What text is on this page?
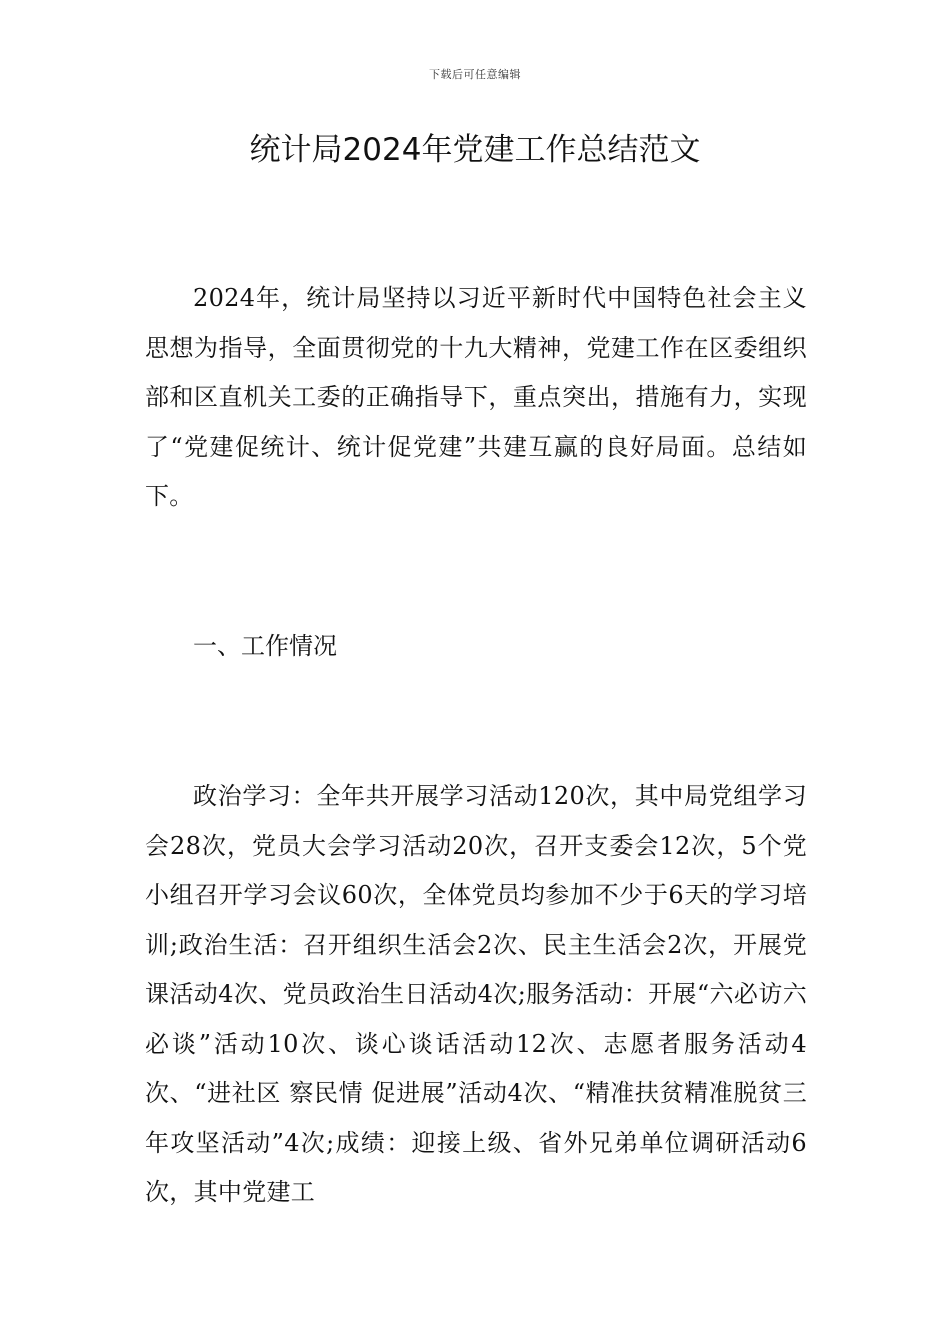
下载后可任意编辑
统计局2024年党建工作总结范文

2024年，统计局坚持以习近平新时代中国特色社会主义思想为指导，全面贯彻党的十九大精神，党建工作在区委组织部和区直机关工委的正确指导下，重点突出，措施有力，实现了“党建促统计、统计促党建”共建互赢的良好局面。总结如下。

一、工作情况

政治学习：全年共开展学习活动120次，其中局党组学习会28次，党员大会学习活动20次，召开支委会12次，5个党小组召开学习会议60次，全体党员均参加不少于6天的学习培训;政治生活：召开组织生活会2次、民主生活会2次，开展党课活动4次、党员政治生日活动4次;服务活动：开展“六必访六必谈”活动10次、谈心谈话活动12次、志愿者服务活动4次、“进社区 察民情 促进展”活动4次、“精准扶贫精准脱贫三年攻坚活动”4次;成绩：迎接上级、省外兄弟单位调研活动6次，其中党建工
